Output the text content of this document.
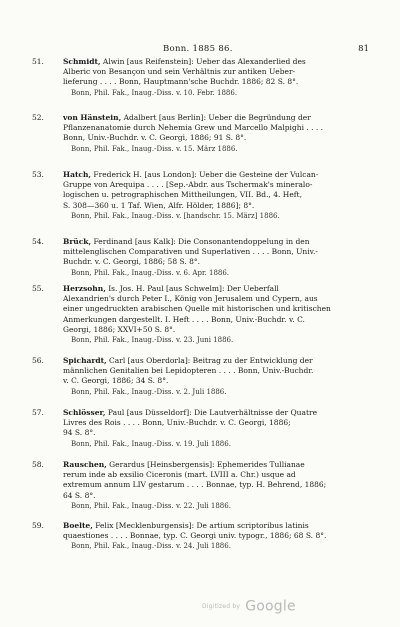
Bonn. 1885 86.	81
51.	Schmidt, Alwin [aus Reifenstein]: Ueber das Alexanderlied des
Alberic von Besançon und sein Verhältnis zur antiken Ueber-
lieferung . . . . Bonn, Hauptmann'sche Buchdr. 1886; 82 S. 8°.
Bonn, Phil. Fak., Inaug.-Diss. v. 10. Febr. 1886.
52.	von Hänstein, Adalbert [aus Berlin]: Ueber die Begründung der
Pflanzenanatomie durch Nehemia Grew und Marcello Malpighi . . . .
Bonn, Univ.-Buchdr. v. C. Georgi, 1886; 91 S. 8°.
Bonn, Phil. Fak., Inaug.-Diss. v. 15. März 1886.
53.	Hatch, Frederick H. [aus London]: Ueber die Gesteine der Vulcan-
Gruppe von Arequipa . . . . [Sep.-Abdr. aus Tschermak's mineralo-
logischen u. petrographischen Mittheilungen, VII. Bd., 4. Heft,
S. 308—360 u. 1 Taf. Wien, Alfr. Hölder, 1886]; 8°.
Bonn, Phil. Fak., Inaug.-Diss. v. [handschr. 15. März] 1886.
54.	Brück, Ferdinand [aus Kalk]: Die Consonantendoppelung in den
mittelenglischen Comparativen und Superlativen . . . . Bonn, Univ.-
Buchdr. v. C. Georgi, 1886; 58 S. 8°.
Bonn, Phil. Fak., Inaug.-Diss. v. 6. Apr. 1886.
55.	Herzsohn, Is. Jos. H. Paul [aus Schwelm]: Der Ueberfall
Alexandrien's durch Peter I., König von Jerusalem und Cypern, aus
einer ungedruckten arabischen Quelle mit historischen und kritischen
Anmerkungen dargestellt. I. Heft . . . . Bonn, Univ.-Buchdr. v. C.
Georgi, 1886; XXVI+50 S. 8°.
Bonn, Phil. Fak., Inaug.-Diss. v. 23. Juni 1886.
56.	Spichardt, Carl [aus Oberdorla]: Beitrag zu der Entwicklung der
männlichen Genitalien bei Lepidopteren . . . . Bonn, Univ.-Buchdr.
v. C. Georgi, 1886; 34 S. 8°.
Bonn, Phil. Fak., Inaug.-Diss. v. 2. Juli 1886.
57.	Schlösser, Paul [aus Düsseldorf]: Die Lautverhältnisse der Quatre
Livres des Rois . . . . Bonn, Univ.-Buchdr. v. C. Georgi, 1886;
94 S. 8°.
Bonn, Phil. Fak., Inaug.-Diss. v. 19. Juli 1886.
58.	Rauschen, Gerardus [Heinsbergensis]: Ephemerides Tullianae
rerum inde ab exsilio Ciceronis (mart. LVIII a. Chr.) usque ad
extremum annum LIV gestarum . . . . Bonnae, typ. H. Behrend, 1886;
64 S. 8°.
Bonn, Phil. Fak., Inaug.-Diss. v. 22. Juli 1886.
59.	Boelte, Felix [Mecklenburgensis]: De artium scriptoribus latinis
quaestiones . . . . Bonnae, typ. C. Georgi univ. typogr., 1886; 68 S. 8°.
Bonn, Phil. Fak., Inaug.-Diss. v. 24. Juli 1886.
Digitized by Google
